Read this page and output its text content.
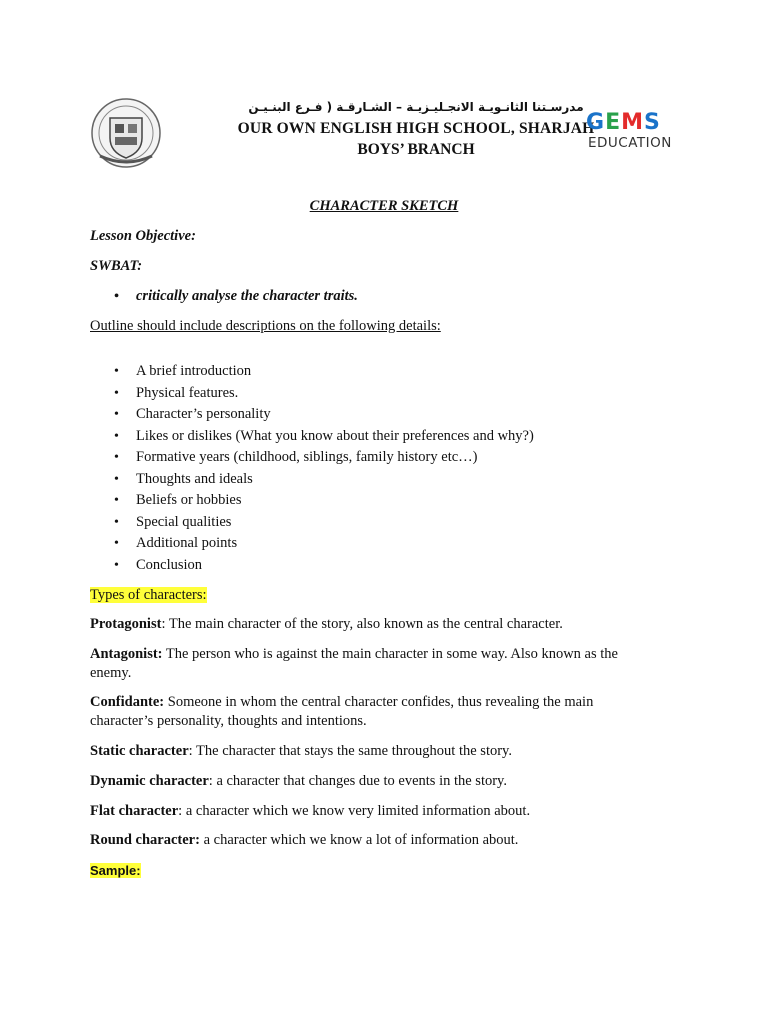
مدرسـتنا الثانـويـة الانجـليـزيـة – الشـارقـة ( فـرع البنـيـن
OUR OWN ENGLISH HIGH SCHOOL, SHARJAH
BOYS’ BRANCH
GEMS
EDUCATION
CHARACTER SKETCH
Lesson Objective:
SWBAT:
• critically analyse the character traits.
Outline should include descriptions on the following details:
• A brief introduction
• Physical features.
• Character’s personality
• Likes or dislikes (What you know about their preferences and why?)
• Formative years (childhood, siblings, family history etc…)
• Thoughts and ideals
• Beliefs or hobbies
• Special qualities
• Additional points
• Conclusion
Types of characters:
Protagonist: The main character of the story, also known as the central character.
Antagonist: The person who is against the main character in some way. Also known as the enemy.
Confidante: Someone in whom the central character confides, thus revealing the main character’s personality, thoughts and intentions.
Static character: The character that stays the same throughout the story.
Dynamic character: a character that changes due to events in the story.
Flat character: a character which we know very limited information about.
Round character: a character which we know a lot of information about.
Sample:
